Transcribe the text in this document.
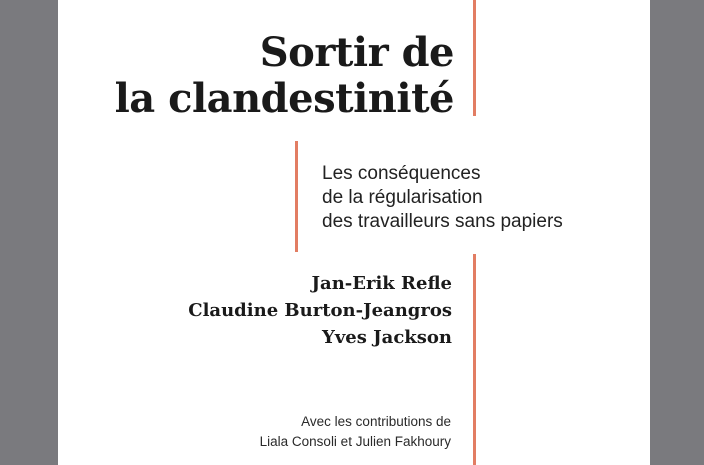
Sortir de
la clandestinité
Les conséquences
de la régularisation
des travailleurs sans papiers
Jan-Erik Refle
Claudine Burton-Jeangros
Yves Jackson
Avec les contributions de
Liala Consoli et Julien Fakhoury
